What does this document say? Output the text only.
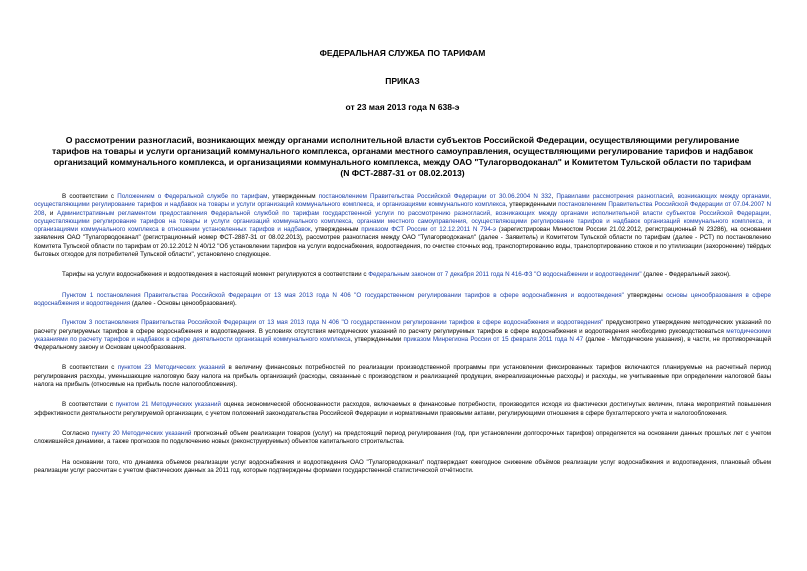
ФЕДЕРАЛЬНАЯ СЛУЖБА ПО ТАРИФАМ
ПРИКАЗ
от 23 мая 2013 года N 638-э
О рассмотрении разногласий, возникающих между органами исполнительной власти субъектов Российской Федерации, осуществляющими регулирование
тарифов на товары и услуги организаций коммунального комплекса, органами местного самоуправления, осуществляющими регулирование тарифов и надбавок
организаций коммунального комплекса, и организациями коммунального комплекса, между ОАО "Тулагорводоканал" и Комитетом Тульской области по тарифам
(N ФСТ-2887-31 от 08.02.2013)

В соответствии с Положением о Федеральной службе по тарифам, утвержденным постановлением Правительства Российской Федерации от 30.06.2004 N 332, Правилами рассмотрения разногласий, возникающих между органами, осуществляющими регулирование тарифов и надбавок на товары и услуги организаций коммунального комплекса, и организациями коммунального комплекса, утвержденными постановлением Правительства Российской Федерации от 07.04.2007 N 208, и Административным регламентом предоставления Федеральной службой по тарифам государственной услуги по рассмотрению разногласий, возникающих между органами исполнительной власти субъектов Российской Федерации, осуществляющими регулирование тарифов на товары и услуги организаций коммунального комплекса, органами местного самоуправления, осуществляющими регулирование тарифов и надбавок организаций коммунального комплекса, и организациями коммунального комплекса в отношении установленных тарифов и надбавок, утвержденным приказом ФСТ России от 12.12.2011 N 794-э (зарегистрирован Минюстом России 21.02.2012, регистрационный N 23286), на основании заявления ОАО "Тулагорводоканал" (регистрационный номер ФСТ-2887-31 от 08.02.2013), рассмотрев разногласия между ОАО "Тулагорводоканал" (далее - Заявитель) и Комитетом Тульской области по тарифам (далее - РСТ) по постановлению Комитета Тульской области по тарифам от 20.12.2012 N 40/12 "Об установлении тарифов на услуги водоснабжения, водоотведения, по очистке сточных вод, транспортированию воды, транспортированию стоков и по утилизации (захоронение) твёрдых бытовых отходов для потребителей Тульской области", установлено следующее.

Тарифы на услуги водоснабжения и водоотведения в настоящий момент регулируются в соответствии с Федеральным законом от 7 декабря 2011 года N 416-ФЗ "О водоснабжении и водоотведении" (далее - Федеральный закон).

Пунктом 1 постановления Правительства Российской Федерации от 13 мая 2013 года N 406 "О государственном регулировании тарифов в сфере водоснабжения и водоотведения" утверждены основы ценообразования в сфере водоснабжения и водоотведения (далее - Основы ценообразования).

Пунктом 3 постановления Правительства Российской Федерации от 13 мая 2013 года N 406 "О государственном регулировании тарифов в сфере водоснабжения и водоотведения" предусмотрено утверждение методических указаний по расчету регулируемых тарифов в сфере водоснабжения и водоотведения. В условиях отсутствия методических указаний по расчету регулируемых тарифов в сфере водоснабжения и водоотведения необходимо руководствоваться методическими указаниями по расчету тарифов и надбавок в сфере деятельности организаций коммунального комплекса, утвержденными приказом Минрегиона России от 15 февраля 2011 года N 47 (далее - Методические указания), в части, не противоречащей Федеральному закону и Основам ценообразования.

В соответствии с пунктом 23 Методических указаний в величину финансовых потребностей по реализации производственной программы при установлении фиксированных тарифов включаются планируемые на расчетный период регулирования расходы, уменьшающие налоговую базу налога на прибыль организаций (расходы, связанные с производством и реализацией продукции, внереализационные расходы) и расходы, не учитываемые при определении налоговой базы налога на прибыль (относимые на прибыль после налогообложения).

В соответствии с пунктом 21 Методических указаний оценка экономической обоснованности расходов, включаемых в финансовые потребности, производится исходя из фактически достигнутых величин, плана мероприятий повышения эффективности деятельности регулируемой организации, с учетом положений законодательства Российской Федерации и нормативными правовыми актами, регулирующими отношения в сфере бухгалтерского учета и налогообложения.

Согласно пункту 20 Методических указаний прогнозный объем реализации товаров (услуг) на предстоящий период регулирования (год, при установлении долгосрочных тарифов) определяется на основании данных прошлых лет с учетом сложившейся динамики, а также прогнозов по подключению новых (реконструируемых) объектов капитального строительства.

На основании того, что динамика объемов реализации услуг водоснабжения и водоотведения ОАО "Тулагорводоканал" подтверждает ежегодное снижение объёмов реализации услуг водоснабжения и водоотведения, плановый объем реализации услуг рассчитан с учетом фактических данных за 2011 год, которые подтверждены формами государственной статистической отчётности.
